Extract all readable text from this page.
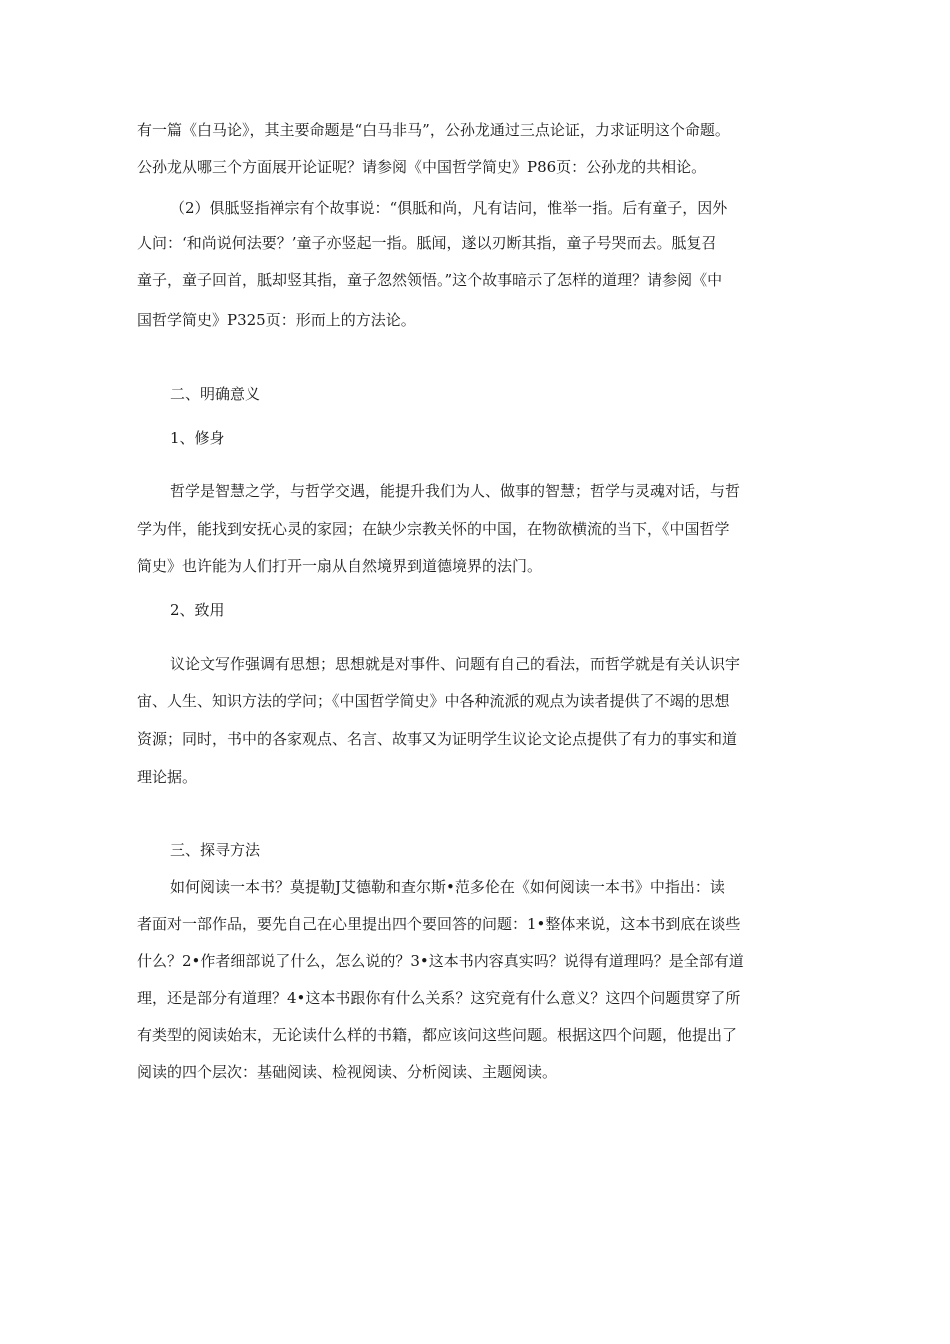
有一篇《白马论》，其主要命题是“白马非马”，公孙龙通过三点论证，力求证明这个命题。
公孙龙从哪三个方面展开论证呢？请参阅《中国哲学简史》P86页：公孙龙的共相论。
（2）俱胝竖指禅宗有个故事说：“俱胝和尚，凡有诘问，惟举一指。后有童子，因外
人问：‘和尚说何法要？’童子亦竖起一指。胝闻，遂以刃断其指，童子号哭而去。胝复召
童子，童子回首，胝却竖其指，童子忽然领悟。”这个故事暗示了怎样的道理？请参阅《中
国哲学简史》P325页：形而上的方法论。
二、明确意义
1、修身
哲学是智慧之学，与哲学交遇，能提升我们为人、做事的智慧；哲学与灵魂对话，与哲
学为伴，能找到安抚心灵的家园；在缺少宗教关怀的中国，在物欲横流的当下，《中国哲学
简史》也许能为人们打开一扇从自然境界到道德境界的法门。
2、致用
议论文写作强调有思想；思想就是对事件、问题有自己的看法，而哲学就是有关认识宇
宙、人生、知识方法的学问；《中国哲学简史》中各种流派的观点为读者提供了不竭的思想
资源；同时，书中的各家观点、名言、故事又为证明学生议论文论点提供了有力的事实和道
理论据。
三、探寻方法
如何阅读一本书？莫提勒J艾德勒和查尔斯•范多伦在《如何阅读一本书》中指出：读
者面对一部作品，要先自己在心里提出四个要回答的问题：1•整体来说，这本书到底在谈些
什么？2•作者细部说了什么，怎么说的？3•这本书内容真实吗？说得有道理吗？是全部有道
理，还是部分有道理？4•这本书跟你有什么关系？这究竟有什么意义？这四个问题贯穿了所
有类型的阅读始末，无论读什么样的书籍，都应该问这些问题。根据这四个问题，他提出了
阅读的四个层次：基础阅读、检视阅读、分析阅读、主题阅读。
